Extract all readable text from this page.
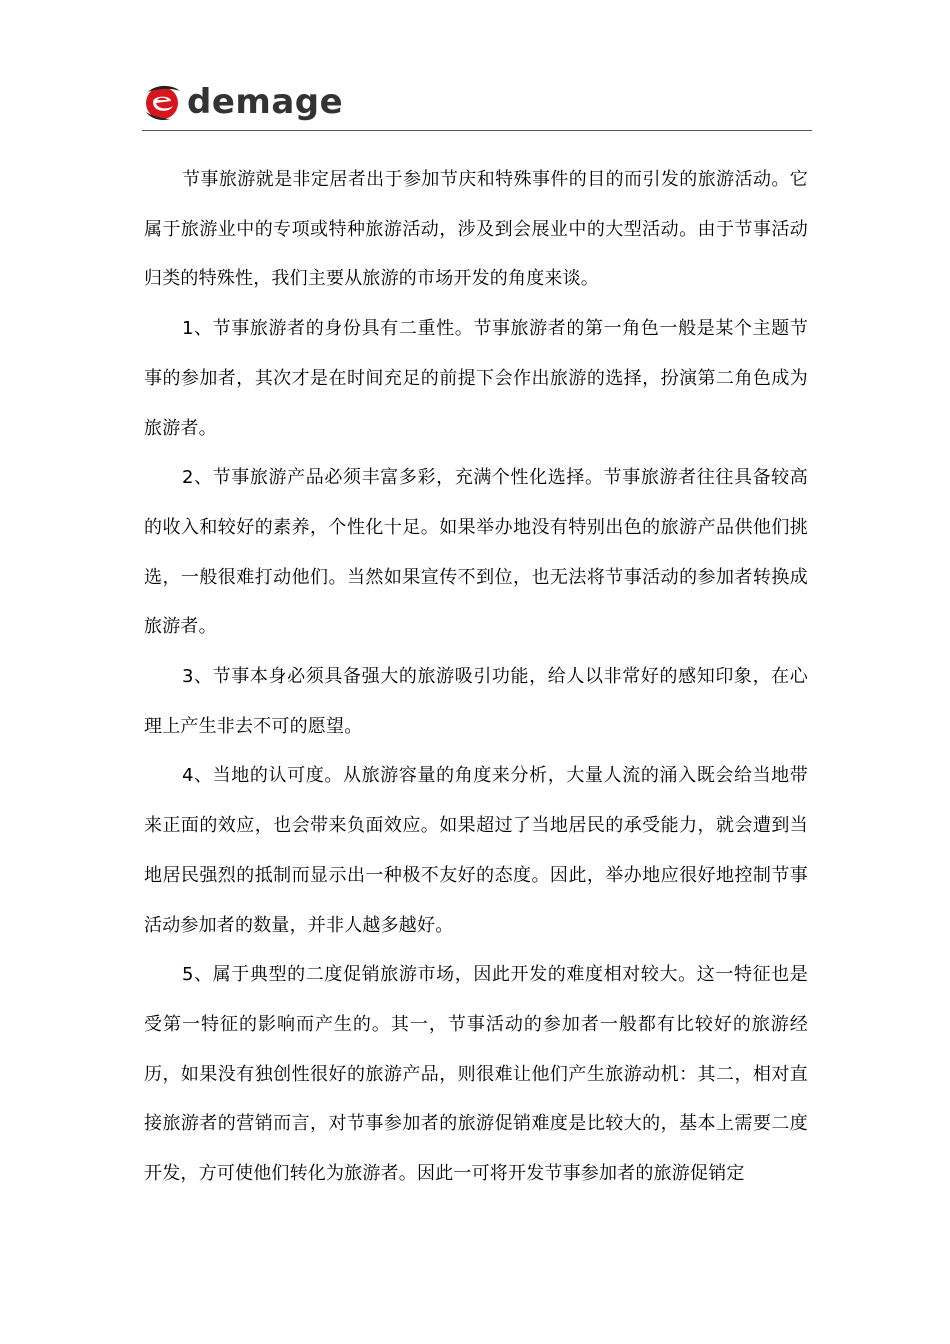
demage

节事旅游就是非定居者出于参加节庆和特殊事件的目的而引发的旅游活动。它属于旅游业中的专项或特种旅游活动，涉及到会展业中的大型活动。由于节事活动归类的特殊性，我们主要从旅游的市场开发的角度来谈。

1、节事旅游者的身份具有二重性。节事旅游者的第一角色一般是某个主题节事的参加者，其次才是在时间充足的前提下会作出旅游的选择，扮演第二角色成为旅游者。

2、节事旅游产品必须丰富多彩，充满个性化选择。节事旅游者往往具备较高的收入和较好的素养，个性化十足。如果举办地没有特别出色的旅游产品供他们挑选，一般很难打动他们。当然如果宣传不到位，也无法将节事活动的参加者转换成旅游者。

3、节事本身必须具备强大的旅游吸引功能，给人以非常好的感知印象，在心理上产生非去不可的愿望。

4、当地的认可度。从旅游容量的角度来分析，大量人流的涌入既会给当地带来正面的效应，也会带来负面效应。如果超过了当地居民的承受能力，就会遭到当地居民强烈的抵制而显示出一种极不友好的态度。因此，举办地应很好地控制节事活动参加者的数量，并非人越多越好。

5、属于典型的二度促销旅游市场，因此开发的难度相对较大。这一特征也是受第一特征的影响而产生的。其一，节事活动的参加者一般都有比较好的旅游经历，如果没有独创性很好的旅游产品，则很难让他们产生旅游动机：其二，相对直接旅游者的营销而言，对节事参加者的旅游促销难度是比较大的，基本上需要二度开发，方可使他们转化为旅游者。因此一可将开发节事参加者的旅游促销定
